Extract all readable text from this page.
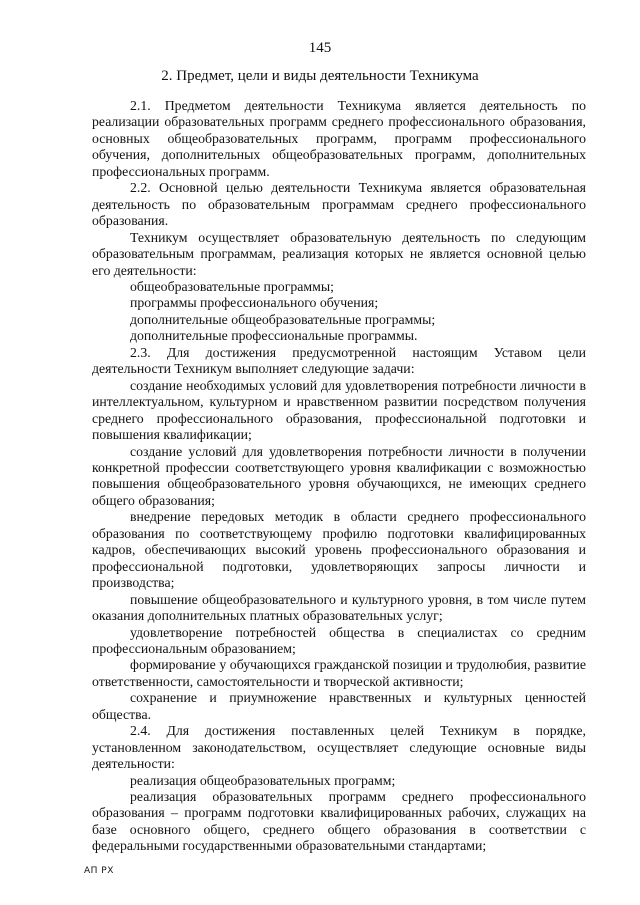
145
2. Предмет, цели и виды деятельности Техникума

2.1. Предметом деятельности Техникума является деятельность по реализации образовательных программ среднего профессионального образования, основных общеобразовательных программ, программ профессионального обучения, дополнительных общеобразовательных программ, дополнительных профессиональных программ.

2.2. Основной целью деятельности Техникума является образовательная деятельность по образовательным программам среднего профессионального образования.

Техникум осуществляет образовательную деятельность по следующим образовательным программам, реализация которых не является основной целью его деятельности:

общеобразовательные программы;

программы профессионального обучения;

дополнительные общеобразовательные программы;

дополнительные профессиональные программы.

2.3. Для достижения предусмотренной настоящим Уставом цели деятельности Техникум выполняет следующие задачи:

создание необходимых условий для удовлетворения потребности личности в интеллектуальном, культурном и нравственном развитии посредством получения среднего профессионального образования, профессиональной подготовки и повышения квалификации;

создание условий для удовлетворения потребности личности в получении конкретной профессии соответствующего уровня квалификации с возможностью повышения общеобразовательного уровня обучающихся, не имеющих среднего общего образования;

внедрение передовых методик в области среднего профессионального образования по соответствующему профилю подготовки квалифицированных кадров, обеспечивающих высокий уровень профессионального образования и профессиональной подготовки, удовлетворяющих запросы личности и производства;

повышение общеобразовательного и культурного уровня, в том числе путем оказания дополнительных платных образовательных услуг;

удовлетворение потребностей общества в специалистах со средним профессиональным образованием;

формирование у обучающихся гражданской позиции и трудолюбия, развитие ответственности, самостоятельности и творческой активности;

сохранение и приумножение нравственных и культурных ценностей общества.

2.4. Для достижения поставленных целей Техникум в порядке, установленном законодательством, осуществляет следующие основные виды деятельности:

реализация общеобразовательных программ;

реализация образовательных программ среднего профессионального образования – программ подготовки квалифицированных рабочих, служащих на базе основного общего, среднего общего образования в соответствии с федеральными государственными образовательными стандартами;

АП РХ
